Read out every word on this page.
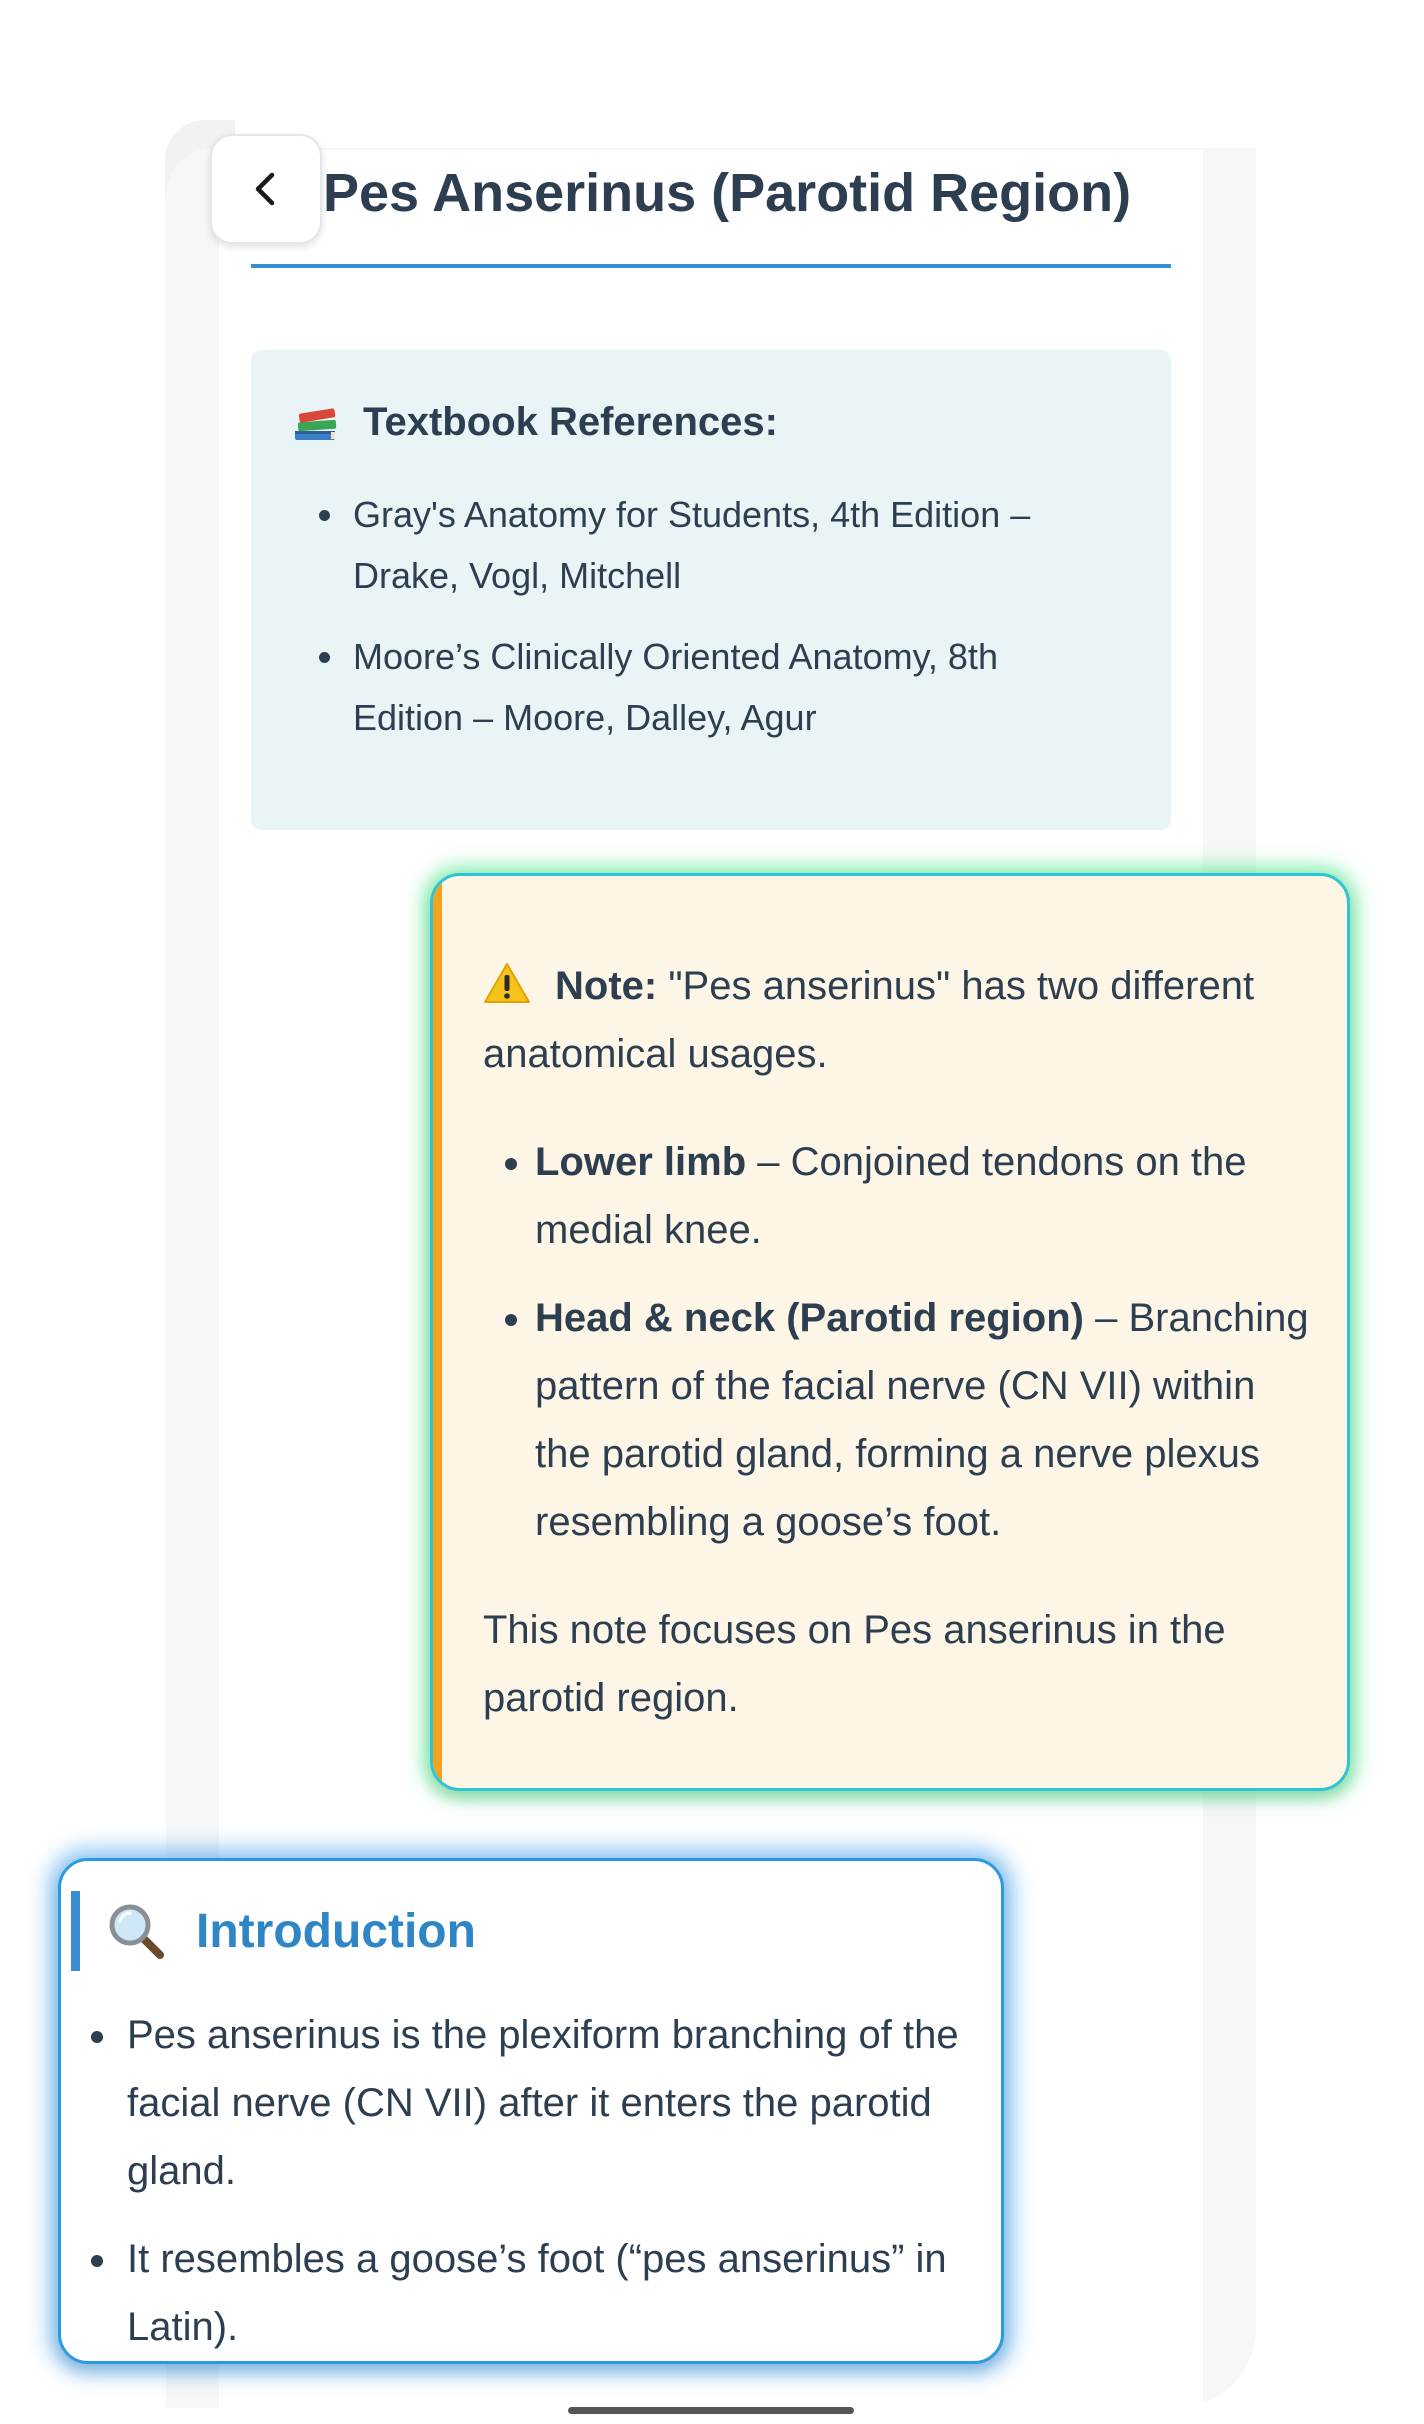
Pes Anserinus (Parotid Region)
Textbook References:
Gray's Anatomy for Students, 4th Edition – Drake, Vogl, Mitchell
Moore’s Clinically Oriented Anatomy, 8th Edition – Moore, Dalley, Agur

Note: "Pes anserinus" has two different anatomical usages.

Lower limb – Conjoined tendons on the medial knee.
Head & neck (Parotid region) – Branching pattern of the facial nerve (CN VII) within the parotid gland, forming a nerve plexus resembling a goose’s foot.

This note focuses on Pes anserinus in the parotid region.

Introduction
Pes anserinus is the plexiform branching of the facial nerve (CN VII) after it enters the parotid gland.
It resembles a goose’s foot (“pes anserinus” in Latin).
